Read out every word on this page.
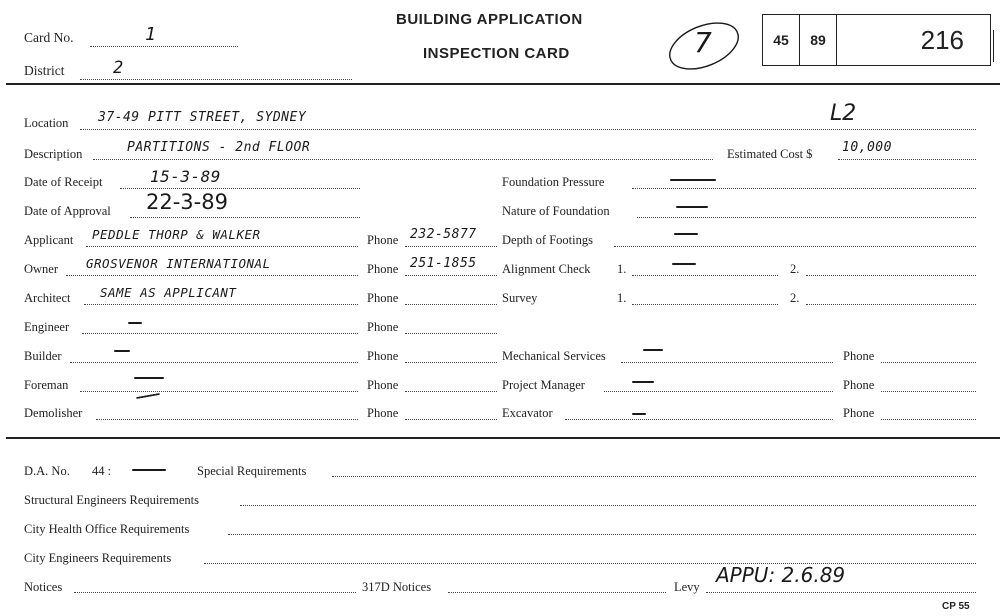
Card No.	1
District	2
BUILDING APPLICATION
INSPECTION CARD	7	45	89	216
Location 37-49 PITT STREET, SYDNEY	L2
Description	PARTITIONS - 2nd FLOOR	Estimated Cost $ 10,000
Date of Receipt	15-3-89	Foundation Pressure
Date of Approval 22-3-89	Nature of Foundation
Applicant PEDDLE THORP & WALKER	Phone 232-5877 Depth of Footings
Owner GROSVENOR INTERNATIONAL	Phone 251-1855 Alignment Check 1.	2.
Architect SAME AS APPLICANT	Phone	Survey	1.	2.
Engineer	Phone
Builder	Phone	Mechanical Services	Phone
Foreman	Phone	Project Manager	Phone
Demolisher	Phone	Excavator	Phone
D.A. No. 44 :	Special Requirements
Structural Engineers Requirements
City Health Office Requirements
City Engineers Requirements
Notices	317D Notices	Levy APPU: 2.6.89
CP 55
